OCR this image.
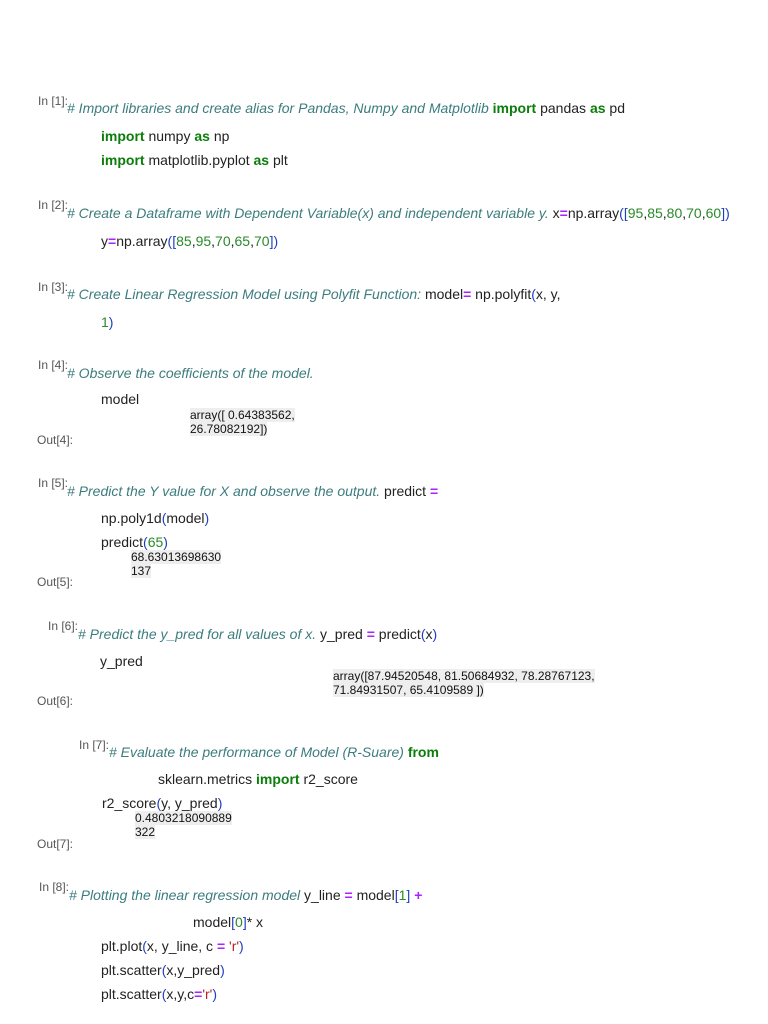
In [1]:
# Import libraries and create alias for Pandas, Numpy and Matplotlib import pandas as pd
import numpy as np
import matplotlib.pyplot as plt
In [2]:
# Create a Dataframe with Dependent Variable(x) and independent variable y. x=np.array([95,85,80,70,60])
y=np.array([85,95,70,65,70])
In [3]:
# Create Linear Regression Model using Polyfit Function: model= np.polyfit(x, y,
1)
In [4]:
# Observe the coefficients of the model.
model
array([ 0.64383562,
26.78082192])
Out[4]:
In [5]:
# Predict the Y value for X and observe the output. predict =
np.poly1d(model)
predict(65)
68.63013698630
137
Out[5]:
In [6]: # Predict the y_pred for all values of x. y_pred = predict(x)
y_pred
array([87.94520548, 81.50684932, 78.28767123,
71.84931507, 65.4109589 ])
Out[6]:
In [7]: # Evaluate the performance of Model (R-Suare) from
sklearn.metrics import r2_score
r2_score(y, y_pred)
0.4803218090889
322
Out[7]:
In [8]: # Plotting the linear regression model y_line = model[1] +
model[0]* x
plt.plot(x, y_line, c = 'r')
plt.scatter(x,y_pred)
plt.scatter(x,y,c='r')
